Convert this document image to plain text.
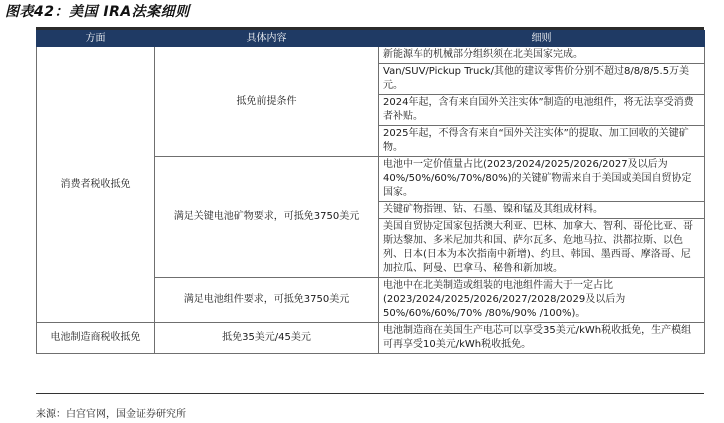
图表42：美国 IRA法案细则
方面	具体内容	细则
消费者税收抵免	抵免前提条件	新能源车的机械部分组织须在北美国家完成。
		Van/SUV/Pickup Truck/其他的建议零售价分别不超过8/8/8/5.5万美元。
		2024年起，含有来自国外关注实体”制造的电池组件，将无法享受消费者补贴。
		2025年起，不得含有来自“国外关注实体”的提取、加工回收的关键矿物。
	满足关键电池矿物要求，可抵免3750美元	电池中一定价值量占比(2023/2024/2025/2026/2027及以后为40%/50%/60%/70%/80%)的关键矿物需来自于美国或美国自贸协定国家。
		关键矿物指锂、钴、石墨、镍和锰及其组成材料。
		美国自贸协定国家包括澳大利亚、巴林、加拿大、智利、哥伦比亚、哥斯达黎加、多米尼加共和国、萨尔瓦多、危地马拉、洪都拉斯、以色列、日本(日本为本次指南中新增)、约旦、韩国、墨西哥、摩洛哥、尼加拉瓜、阿曼、巴拿马、秘鲁和新加坡。
	满足电池组件要求，可抵免3750美元	电池中在北美制造或组装的电池组件需大于一定占比(2023/2024/2025/2026/2027/2028/2029及以后为50%/60%/60%/70% /80%/90% /100%)。
电池制造商税收抵免	抵免35美元/45美元	电池制造商在美国生产电芯可以享受35美元/kWh税收抵免，生产模组可再享受10美元/kWh税收抵免。
来源：白宫官网，国金证券研究所
